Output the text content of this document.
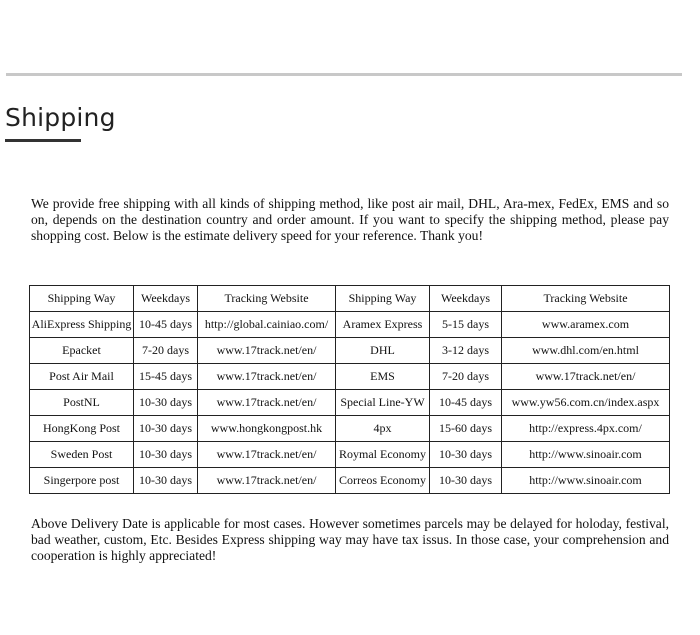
Shipping

We provide free shipping with all kinds of shipping method, like post air mail, DHL, Ara-mex, FedEx, EMS and so on, depends on the destination country and order amount. If you want to specify the shipping method, please pay shopping cost. Below is the estimate delivery speed for your reference. Thank you!

Shipping Way	Weekdays	Tracking Website	Shipping Way	Weekdays	Tracking Website
AliExpress Shipping	10-45 days	http://global.cainiao.com/	Aramex Express	5-15 days	www.aramex.com
Epacket	7-20 days	www.17track.net/en/	DHL	3-12 days	www.dhl.com/en.html
Post Air Mail	15-45 days	www.17track.net/en/	EMS	7-20 days	www.17track.net/en/
PostNL	10-30 days	www.17track.net/en/	Special Line-YW	10-45 days	www.yw56.com.cn/index.aspx
HongKong Post	10-30 days	www.hongkongpost.hk	4px	15-60 days	http://express.4px.com/
Sweden Post	10-30 days	www.17track.net/en/	Roymal Economy	10-30 days	http://www.sinoair.com
Singerpore post	10-30 days	www.17track.net/en/	Correos Economy	10-30 days	http://www.sinoair.com

Above Delivery Date is applicable for most cases. However sometimes parcels may be delayed for holoday, festival, bad weather, custom, Etc. Besides Express shipping way may have tax issus. In those case, your comprehension and cooperation is highly appreciated!
